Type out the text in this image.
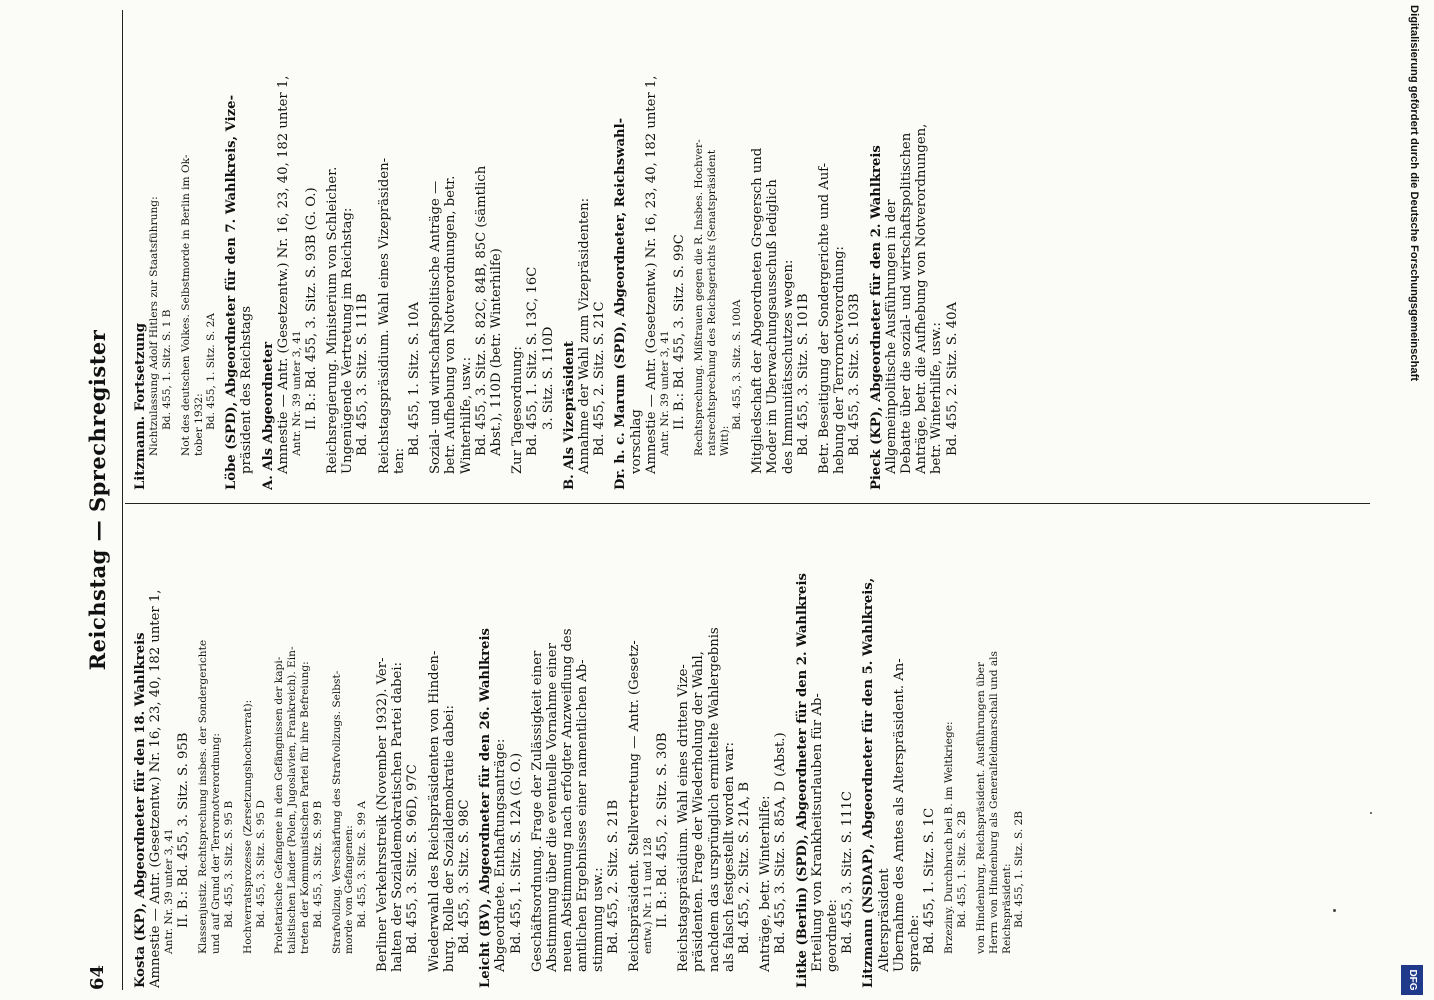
64
Reichstag — Sprechregister
Kosta (KP), Abgeordneter für den 18. Wahlkreis Amnestie — Antr. (Gesetzentw.) Nr. 16, 23, 40, 182 unter 1, Antr. Nr. 39 unter 3, 41 II. B.: Bd. 455, 3. Sitz. S. 95B Klassenjustiz. Rechtsprechung insbes. der Sondergerichte und auf Grund der Terrornotverordnung: Bd. 455, 3. Sitz. S. 95 B Hochverratsprozesse (Zersetzungshochverrat): Bd. 455, 3. Sitz. S. 95 D Proletarische Gefangene in den Gefängnissen der kapi- talistischen Länder (Polen, Jugoslavien, Frankreich). Ein- treten der Kommunistischen Partei für ihre Befreiung: Bd. 455, 3. Sitz. S. 99 B Strafvollzug. Verschärfung des Strafvollzugs. Selbst- morde von Gefangenen: Bd. 455, 3. Sitz. S. 99 A Berliner Verkehrsstreik (November 1932). Ver- halten der Sozialdemokratischen Partei dabei: Bd. 455, 3. Sitz. S. 96D, 97C Wiederwahl des Reichspräsidenten von Hinden- burg. Rolle der Sozialdemokratie dabei: Bd. 455, 3. Sitz. S. 98C Leicht (BV), Abgeordneter für den 26. Wahlkreis Abgeordnete. Enthaftungsanträge: Bd. 455, 1. Sitz. S. 12A (G. O.) Geschäftsordnung. Frage der Zulässigkeit einer Abstimmung über die eventuelle Vornahme einer neuen Abstimmung nach erfolgter Anzweiflung des amtlichen Ergebnisses einer namentlichen Ab- stimmung usw.: Bd. 455, 2. Sitz. S. 21B Reichspräsident. Stellvertretung — Antr. (Gesetz- entw.) Nr. 11 und 128 II. B.: Bd. 455, 2. Sitz. S. 30B Reichstagspräsidium. Wahl eines dritten Vize- präsidenten. Frage der Wiederholung der Wahl, nachdem das ursprünglich ermittelte Wahlergebnis als falsch festgestellt worden war: Bd. 455, 2. Sitz. S. 21A, B Anträge, betr. Winterhilfe: Bd. 455, 3. Sitz. S. 85A, D (Abst.) Litke (Berlin) (SPD), Abgeordneter für den 2. Wahlkreis Erteilung von Krankheitsurlauben für Ab- geordnete: Bd. 455, 3. Sitz. S. 111C Litzmann (NSDAP), Abgeordneter für den 5. Wahlkreis, Alterspräsident Übernahme des Amtes als Alterspräsident. An- sprache: Bd. 455, 1. Sitz. S. 1C Brzeziny. Durchbruch bei B. im Weltkriege: Bd. 455, 1. Sitz. S. 2B von Hindenburg, Reichspräsident. Ausführungen über Herrn von Hindenburg als Generalfeldmarschall und als Reichspräsident: Bd. 455, 1. Sitz. S. 2B
Litzmann. Fortsetzung Nichtzulassung Adolf Hitlers zur Staatsführung: Bd. 455, 1. Sitz. S. 1 B Not des deutschen Volkes. Selbstmorde in Berlin im Ok- tober 1932: Bd. 455, 1. Sitz. S. 2A Löbe (SPD), Abgeordneter für den 7. Wahlkreis, Vize- präsident des Reichstags A. Als Abgeordneter Amnestie — Antr. (Gesetzentw.) Nr. 16, 23, 40, 182 unter 1, Antr. Nr. 39 unter 3, 41 II. B.: Bd. 455, 3. Sitz. S. 93B (G. O.) Reichsregierung. Ministerium von Schleicher. Ungenügende Vertretung im Reichstag: Bd. 455, 3. Sitz. S. 111B Reichstagspräsidium. Wahl eines Vizepräsiden- ten:
Bd. 455, 1. Sitz. S. 10A Sozial- und wirtschaftspolitische Anträge — betr. Aufhebung von Notverordnungen, betr. Winterhilfe, usw.: Bd. 455, 3. Sitz. S. 82C, 84B, 85C (sämtlich Abst.), 110D (betr. Winterhilfe) Zur Tagesordnung: Bd. 455, 1. Sitz. S. 13C, 16C 3. Sitz. S. 110D B. Als Vizepräsident Annahme der Wahl zum Vizepräsidenten: Bd. 455, 2. Sitz. S. 21C Dr. h. c. Marum (SPD), Abgeordneter, Reichswahl- vorschlag Amnestie — Antr. (Gesetzentw.) Nr. 16, 23, 40, 182 unter 1, Antr. Nr. 39 unter 3, 41 II. B.: Bd. 455, 3. Sitz. S. 99C Rechtsprechung. Mißtrauen gegen die R. Insbes. Hochver- ratsrechtsprechung des Reichsgerichts (Senatspräsident Witt):
Bd. 455, 3. Sitz. S. 100A Mitgliedschaft der Abgeordneten Gregersch und Moder im Überwachungsausschuß lediglich des Immunitätsschutzes wegen: Bd. 455, 3. Sitz. S. 101B Betr. Beseitigung der Sondergerichte und Auf- hebung der Terrornotverordnung: Bd. 455, 3. Sitz. S. 103B Pieck (KP), Abgeordneter für den 2. Wahlkreis Allgemeinpolitische Ausführungen in der Debatte über die sozial- und wirtschaftspolitischen Anträge, betr. die Aufhebung von Notverordnungen, betr. Winterhilfe, usw.: Bd. 455, 2. Sitz. S. 40A	Digitalisierung gefördert durch die Deutsche Forschungsgemeinschaft
DFG
